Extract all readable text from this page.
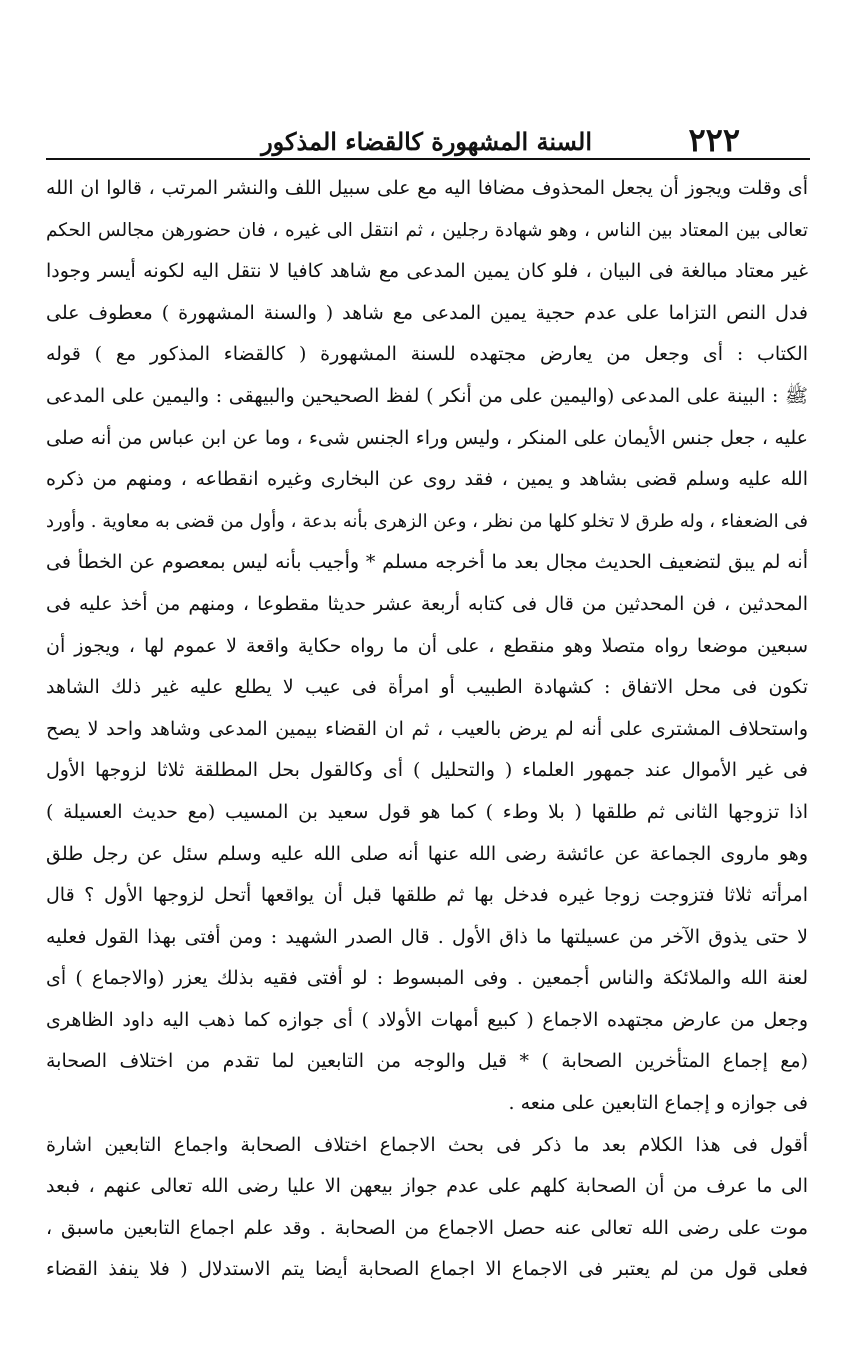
٢٢٢
السنة المشهورة كالقضاء المذكور
أى وقلت ويجوز أن يجعل المحذوف مضافا اليه مع على سبيل اللف والنشر المرتب ، قالوا ان الله
تعالى بين المعتاد بين الناس ، وهو شهادة رجلين ، ثم انتقل الى غيره ، فان حضورهن مجالس الحكم
غير معتاد مبالغة فى البيان ، فلو كان يمين المدعى مع شاهد كافيا لا نتقل اليه لكونه أيسر وجودا
فدل النص التزاما على عدم حجية يمين المدعى مع شاهد ( والسنة المشهورة ) معطوف على
الكتاب : أى وجعل من يعارض مجتهده للسنة المشهورة ( كالقضاء المذكور مع ) قوله
ﷺ : البينة على المدعى (واليمين على من أنكر ) لفظ الصحيحين والبيهقى : واليمين على المدعى
عليه ، جعل جنس الأيمان على المنكر ، وليس وراء الجنس شىء ، وما عن ابن عباس من أنه صلى
الله عليه وسلم قضى بشاهد و يمين ، فقد روى عن البخارى وغيره انقطاعه ، ومنهم من ذكره
فى الضعفاء ، وله طرق لا تخلو كلها من نظر ، وعن الزهرى بأنه بدعة ، وأول من قضى به معاوية . وأورد
أنه لم يبق لتضعيف الحديث مجال بعد ما أخرجه مسلم * وأجيب بأنه ليس بمعصوم عن الخطأ فى
المحدثين ، فن المحدثين من قال فى كتابه أربعة عشر حديثا مقطوعا ، ومنهم من أخذ عليه فى
سبعين موضعا رواه متصلا وهو منقطع ، على أن ما رواه حكاية واقعة لا عموم لها ، ويجوز أن
تكون فى محل الاتفاق : كشهادة الطبيب أو امرأة فى عيب لا يطلع عليه غير ذلك الشاهد
واستحلاف المشترى على أنه لم يرض بالعيب ، ثم ان القضاء بيمين المدعى وشاهد واحد لا يصح
فى غير الأموال عند جمهور العلماء ( والتحليل ) أى وكالقول بحل المطلقة ثلاثا لزوجها الأول
اذا تزوجها الثانى ثم طلقها ( بلا وطء ) كما هو قول سعيد بن المسيب (مع حديث العسيلة )
وهو ماروى الجماعة عن عائشة رضى الله عنها أنه صلى الله عليه وسلم سئل عن رجل طلق
امرأته ثلاثا فتزوجت زوجا غيره فدخل بها ثم طلقها قبل أن يواقعها أتحل لزوجها الأول ؟ قال
لا حتى يذوق الآخر من عسيلتها ما ذاق الأول . قال الصدر الشهيد : ومن أفتى بهذا القول فعليه
لعنة الله والملائكة والناس أجمعين . وفى المبسوط : لو أفتى فقيه بذلك يعزر (والاجماع ) أى
وجعل من عارض مجتهده الاجماع ( كبيع أمهات الأولاد ) أى جوازه كما ذهب اليه داود الظاهرى
(مع إجماع المتأخرين الصحابة ) * قيل والوجه من التابعين لما تقدم من اختلاف الصحابة
فى جوازه و إجماع التابعين على منعه .
أقول فى هذا الكلام بعد ما ذكر فى بحث الاجماع اختلاف الصحابة واجماع التابعين اشارة
الى ما عرف من أن الصحابة كلهم على عدم جواز بيعهن الا عليا رضى الله تعالى عنهم ، فبعد
موت على رضى الله تعالى عنه حصل الاجماع من الصحابة . وقد علم اجماع التابعين ماسبق ،
فعلى قول من لم يعتبر فى الاجماع الا اجماع الصحابة أيضا يتم الاستدلال ( فلا ينفذ القضاء
